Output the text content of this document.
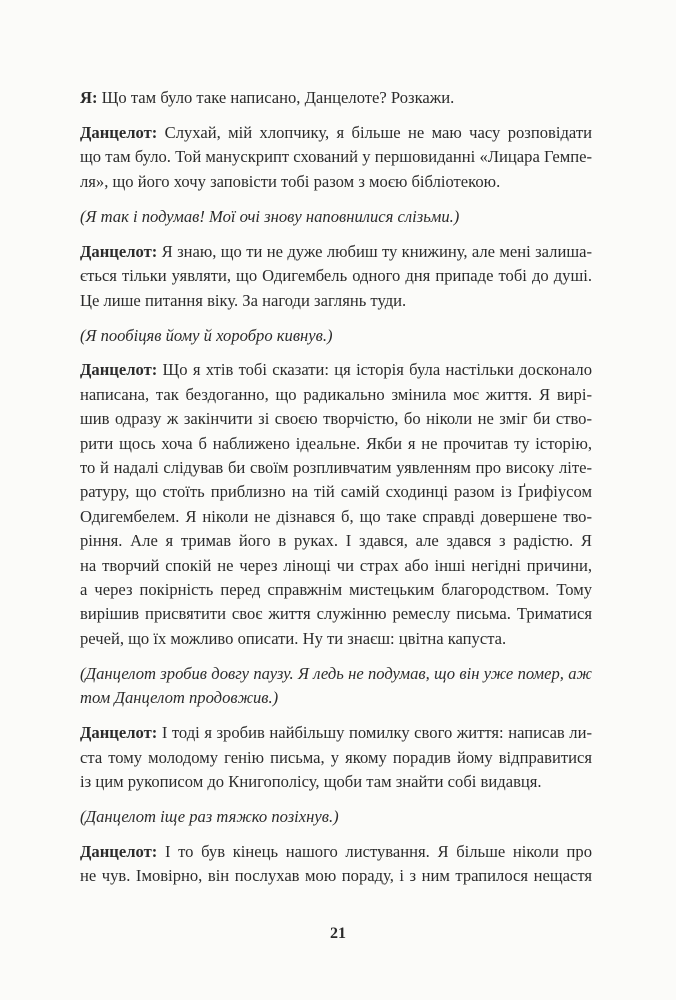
Я: Що там було таке написано, Данцелоте? Розкажи.
Данцелот: Слухай, мій хлопчику, я більше не маю часу розповідати
що там було. Той манускрипт схований у першовиданні «Лицара Гемпе-
ля», що його хочу заповісти тобі разом з моєю бібліотекою.
(Я так і подумав! Мої очі знову наповнилися слізьми.)
Данцелот: Я знаю, що ти не дуже любиш ту книжину, але мені залиша-
ється тільки уявляти, що Одигембель одного дня припаде тобі до душі.
Це лише питання віку. За нагоди заглянь туди.
(Я пообіцяв йому й хоробро кивнув.)
Данцелот: Що я хтів тобі сказати: ця історія була настільки досконало
написана, так бездоганно, що радикально змінила моє життя. Я вирі-
шив одразу ж закінчити зі своєю творчістю, бо ніколи не зміг би ство-
рити щось хоча б наближено ідеальне. Якби я не прочитав ту історію,
то й надалі слідував би своїм розпливчатим уявленням про високу літе-
ратуру, що стоїть приблизно на тій самій сходинці разом із Ґрифіусом
Одигембелем. Я ніколи не дізнався б, що таке справді довершене тво-
ріння. Але я тримав його в руках. І здався, але здався з радістю. Я
на творчий спокій не через лінощі чи страх або інші негідні причини,
а через покірність перед справжнім мистецьким благородством. Тому
вирішив присвятити своє життя служінню ремеслу письма. Триматися
речей, що їх можливо описати. Ну ти знаєш: цвітна капуста.
(Данцелот зробив довгу паузу. Я ледь не подумав, що він уже помер, аж
том Данцелот продовжив.)
Данцелот: І тоді я зробив найбільшу помилку свого життя: написав ли-
ста тому молодому генію письма, у якому порадив йому відправитися
із цим рукописом до Книгополісу, щоби там знайти собі видавця.
(Данцелот іще раз тяжко позіхнув.)
Данцелот: І то був кінець нашого листування. Я більше ніколи про
не чув. Імовірно, він послухав мою пораду, і з ним трапилося нещастя
21
